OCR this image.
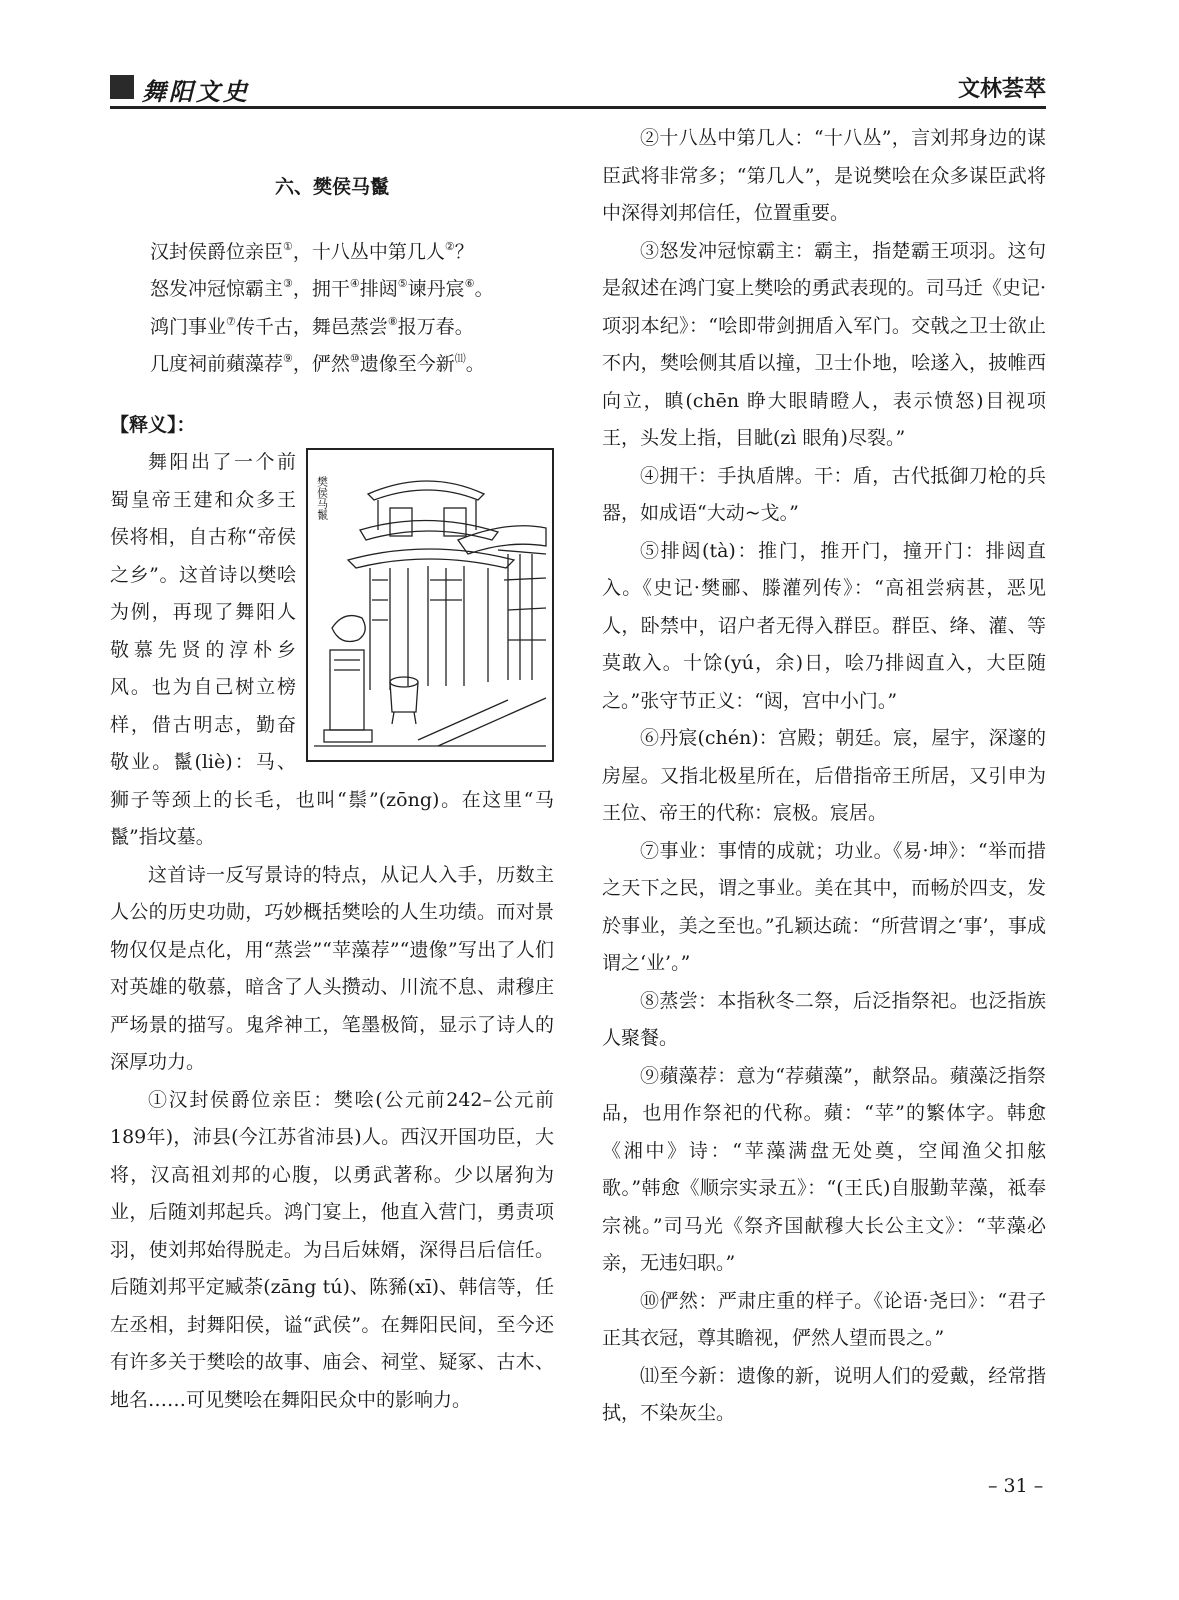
舞阳文史	文林荟萃
六、樊侯马鬣
汉封侯爵位亲臣①，十八丛中第几人②？
怒发冲冠惊霸主③，拥干④排闼⑤谏丹宸⑥。
鸿门事业⑦传千古，舞邑蒸尝⑧报万春。
几度祠前蘋藻荐⑨，俨然⑩遗像至今新⑾。
【释义】：
樊侯马鬣

舞阳出了一个前蜀皇帝王建和众多王侯将相，自古称“帝侯之乡”。这首诗以樊哙为例，再现了舞阳人敬慕先贤的淳朴乡风。也为自己树立榜样，借古明志，勤奋敬业。鬣(liè)：马、狮子等颈上的长毛，也叫“鬃”(zōng)。在这里“马鬣”指坟墓。

这首诗一反写景诗的特点，从记人入手，历数主人公的历史功勋，巧妙概括樊哙的人生功绩。而对景物仅仅是点化，用“蒸尝”“苹藻荐”“遗像”写出了人们对英雄的敬慕，暗含了人头攒动、川流不息、肃穆庄严场景的描写。鬼斧神工，笔墨极简，显示了诗人的深厚功力。

①汉封侯爵位亲臣：樊哙(公元前242–公元前189年)，沛县(今江苏省沛县)人。西汉开国功臣，大将，汉高祖刘邦的心腹，以勇武著称。少以屠狗为业，后随刘邦起兵。鸿门宴上，他直入营门，勇责项羽，使刘邦始得脱走。为吕后妹婿，深得吕后信任。后随刘邦平定臧荼(zāng tú)、陈豨(xī)、韩信等，任左丞相，封舞阳侯，谥“武侯”。在舞阳民间，至今还有许多关于樊哙的故事、庙会、祠堂、疑冢、古木、地名……可见樊哙在舞阳民众中的影响力。

②十八丛中第几人：“十八丛”，言刘邦身边的谋臣武将非常多；“第几人”，是说樊哙在众多谋臣武将中深得刘邦信任，位置重要。

③怒发冲冠惊霸主：霸主，指楚霸王项羽。这句是叙述在鸿门宴上樊哙的勇武表现的。司马迁《史记·项羽本纪》：“哙即带剑拥盾入军门。交戟之卫士欲止不内，樊哙侧其盾以撞，卫士仆地，哙遂入，披帷西向立，瞋(chēn 睁大眼睛瞪人，表示愤怒)目视项王，头发上指，目眦(zì 眼角)尽裂。”

④拥干：手执盾牌。干：盾，古代抵御刀枪的兵器，如成语“大动~戈。”

⑤排闼(tà)：推门，推开门，撞开门：排闼直入。《史记·樊郦、滕灌列传》：“高祖尝病甚，恶见人，卧禁中，诏户者无得入群臣。群臣、绛、灌、等莫敢入。十馀(yú，余)日，哙乃排闼直入，大臣随之。”张守节正义：“闼，宫中小门。”

⑥丹宸(chén)：宫殿；朝廷。宸，屋宇，深邃的房屋。又指北极星所在，后借指帝王所居，又引申为王位、帝王的代称：宸极。宸居。

⑦事业：事情的成就；功业。《易·坤》：“举而措之天下之民，谓之事业。美在其中，而畅於四支，发於事业，美之至也。”孔颖达疏：“所营谓之‘事’，事成谓之‘业’。”

⑧蒸尝：本指秋冬二祭，后泛指祭祀。也泛指族人聚餐。

⑨蘋藻荐：意为“荐蘋藻”，献祭品。蘋藻泛指祭品，也用作祭祀的代称。蘋：“苹”的繁体字。韩愈《湘中》诗：“苹藻满盘无处奠，空闻渔父扣舷歌。”韩愈《顺宗实录五》：“(王氏)自服勤苹藻，祗奉宗祧。”司马光《祭齐国献穆大长公主文》：“苹藻必亲，无违妇职。”

⑩俨然：严肃庄重的样子。《论语·尧曰》：“君子正其衣冠，尊其瞻视，俨然人望而畏之。”

⑾至今新：遗像的新，说明人们的爱戴，经常揩拭，不染灰尘。

– 31 –
